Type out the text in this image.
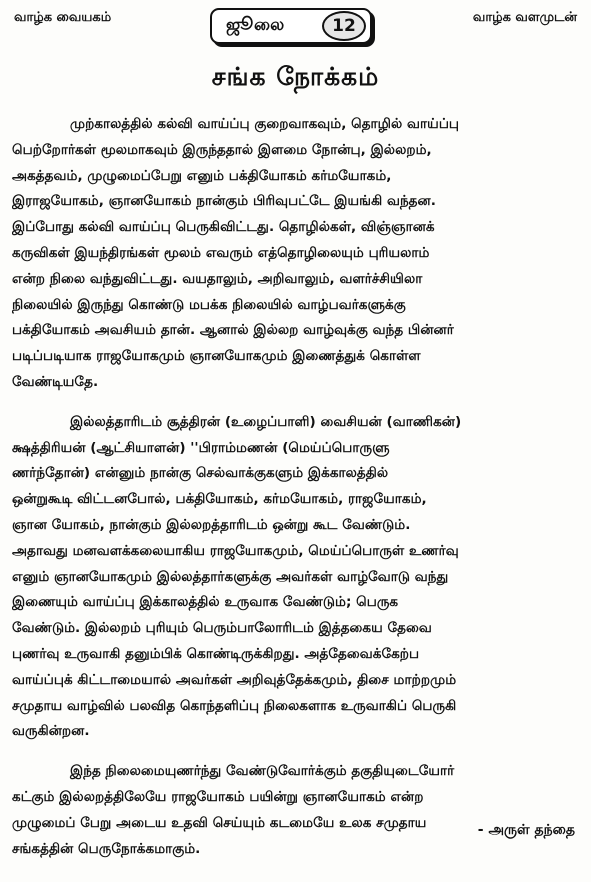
வாழ்க வையகம்	ஜூலை	12	வாழ்க வளமுடன்
சங்க நோக்கம்

முற்காலத்தில் கல்வி வாய்ப்பு குறைவாகவும், தொழில் வாய்ப்பு

பெற்றோர்கள் மூலமாகவும் இருந்ததால் இளமை நோன்பு, இல்லறம்,

அகத்தவம், முழுமைப்பேறு எனும் பக்தியோகம் கர்மயோகம்,

இராஜயோகம், ஞானயோகம் நான்கும் பிரிவுபட்டே இயங்கி வந்தன.

இப்போது கல்வி வாய்ப்பு பெருகிவிட்டது. தொழில்கள், விஞ்ஞானக்

கருவிகள் இயந்திரங்கள் மூலம் எவரும் எத்தொழிலையும் புரியலாம்

என்ற நிலை வந்துவிட்டது. வயதாலும், அறிவாலும், வளர்ச்சியிலா

நிலையில் இருந்து கொண்டு மபக்க நிலையில் வாழ்பவர்களுக்கு

பக்தியோகம் அவசியம் தான். ஆனால் இல்லற வாழ்வுக்கு வந்த பின்னர்

படிப்படியாக ராஜயோகமும் ஞானயோகமும் இணைத்துக் கொள்ள

வேண்டியதே.

இல்லத்தாரிடம் சூத்திரன் (உழைப்பாளி) வைசியன் (வாணிகன்)

க்ஷத்திரியன் (ஆட்சியாளன்) ''பிராம்மணன் (மெய்ப்பொருளு

ணர்ந்தோன்) என்னும் நான்கு செல்வாக்குகளும் இக்காலத்தில்

ஒன்றுகூடி விட்டனபோல், பக்தியோகம், கர்மயோகம், ராஜயோகம்,

ஞான யோகம், நான்கும் இல்லறத்தாரிடம் ஒன்று கூட வேண்டும்.

அதாவது மனவளக்கலையாகிய ராஜயோகமும், மெய்ப்பொருள் உணர்வு

எனும் ஞானயோகமும் இல்லத்தார்களுக்கு அவர்கள் வாழ்வோடு வந்து

இணையும் வாய்ப்பு இக்காலத்தில் உருவாக வேண்டும்; பெருக

வேண்டும். இல்லறம் புரியும் பெரும்பாலோரிடம் இத்தகைய தேவை

புணர்வு உருவாகி தனும்பிக் கொண்டிருக்கிறது. அத்தேவைக்கேற்ப

வாய்ப்புக் கிட்டாமையால் அவர்கள் அறிவுத்தேக்கமும், திசை மாற்றமும்

சமுதாய வாழ்வில் பலவித கொந்தளிப்பு நிலைகளாக உருவாகிப் பெருகி

வருகின்றன.

இந்த நிலைமையுணர்ந்து வேண்டுவோர்க்கும் தகுதியுடையோர்

கட்கும் இல்லறத்திலேயே ராஜயோகம் பயின்று ஞானயோகம் என்ற

முழுமைப் பேறு அடைய உதவி செய்யும் கடமையே உலக சமுதாய

சங்கத்தின் பெருநோக்கமாகும்.

- அருள் தந்தை
